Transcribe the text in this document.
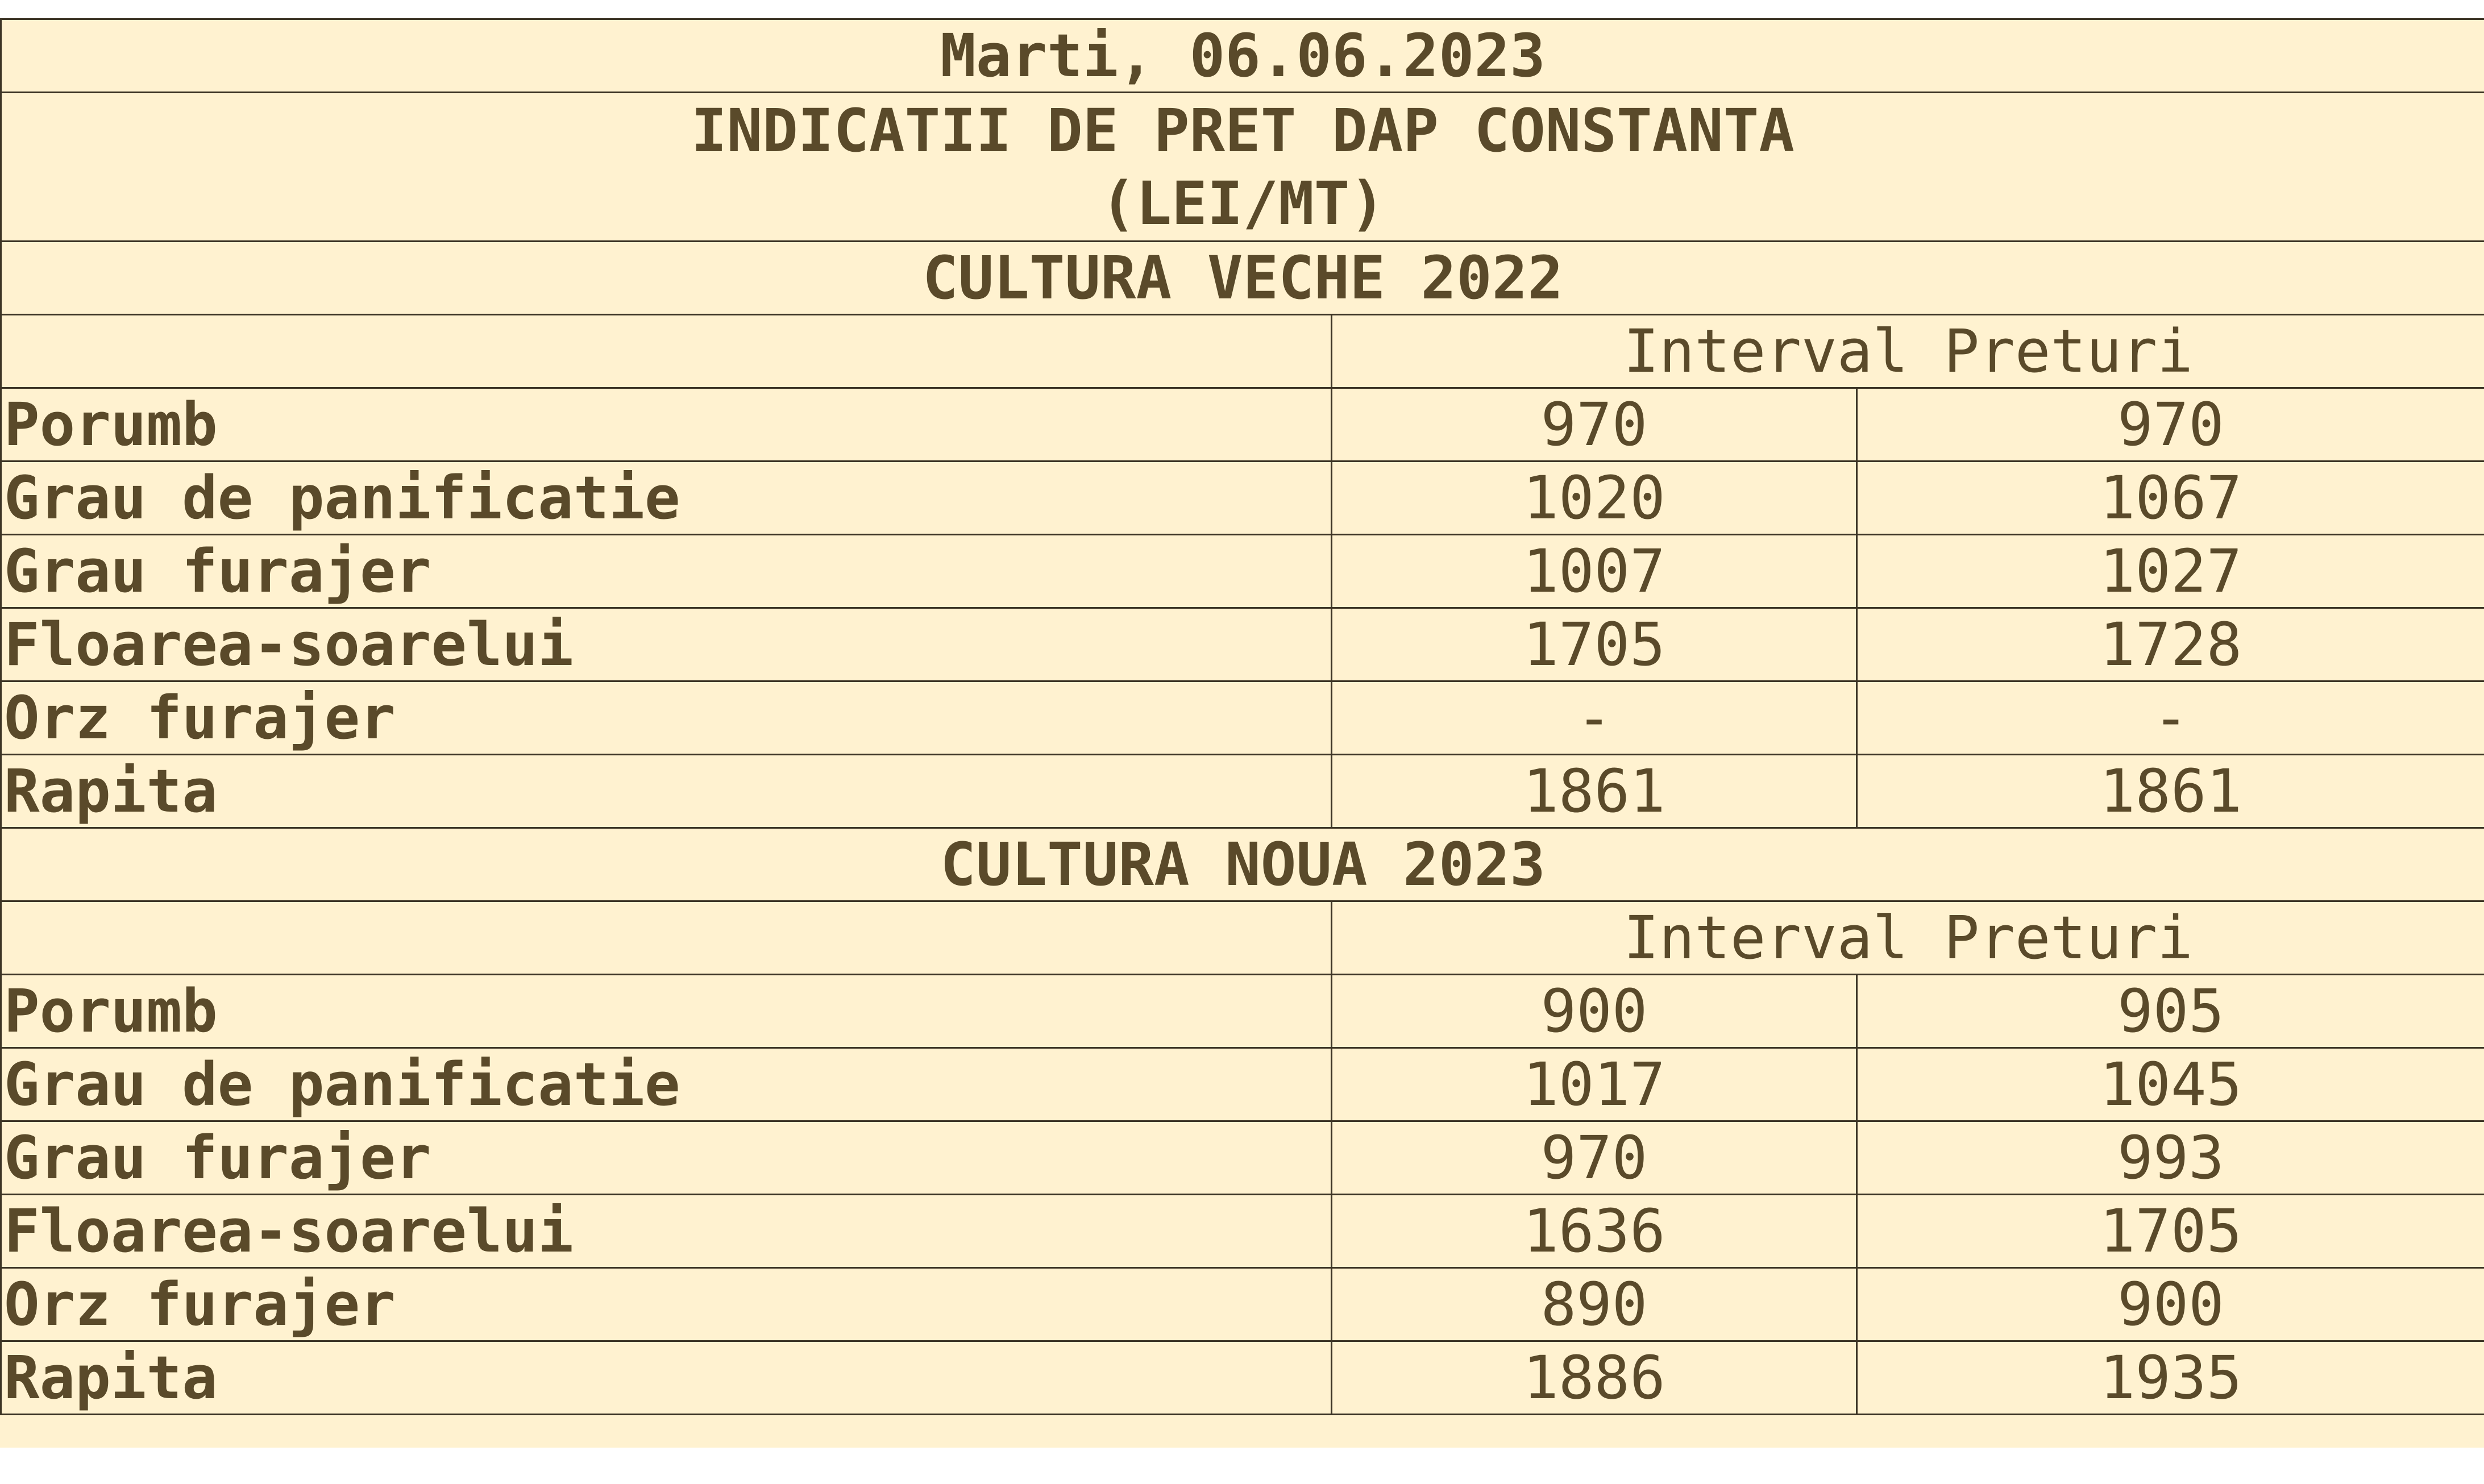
Marti, 06.06.2023		

INDICATII DE PRET DAP CONSTANTA
(LEI/MT)		

CULTURA VECHE 2022		
	Interval Preturi	
Porumb	970	970
Grau de panificatie	1020	1067
Grau furajer	1007	1027
Floarea-soarelui	1705	1728
Orz furajer	-	-
Rapita	1861	1861
CULTURA NOUA 2023		
	Interval Preturi	
Porumb	900	905
Grau de panificatie	1017	1045
Grau furajer	970	993
Floarea-soarelui	1636	1705
Orz furajer	890	900
Rapita	1886	1935
